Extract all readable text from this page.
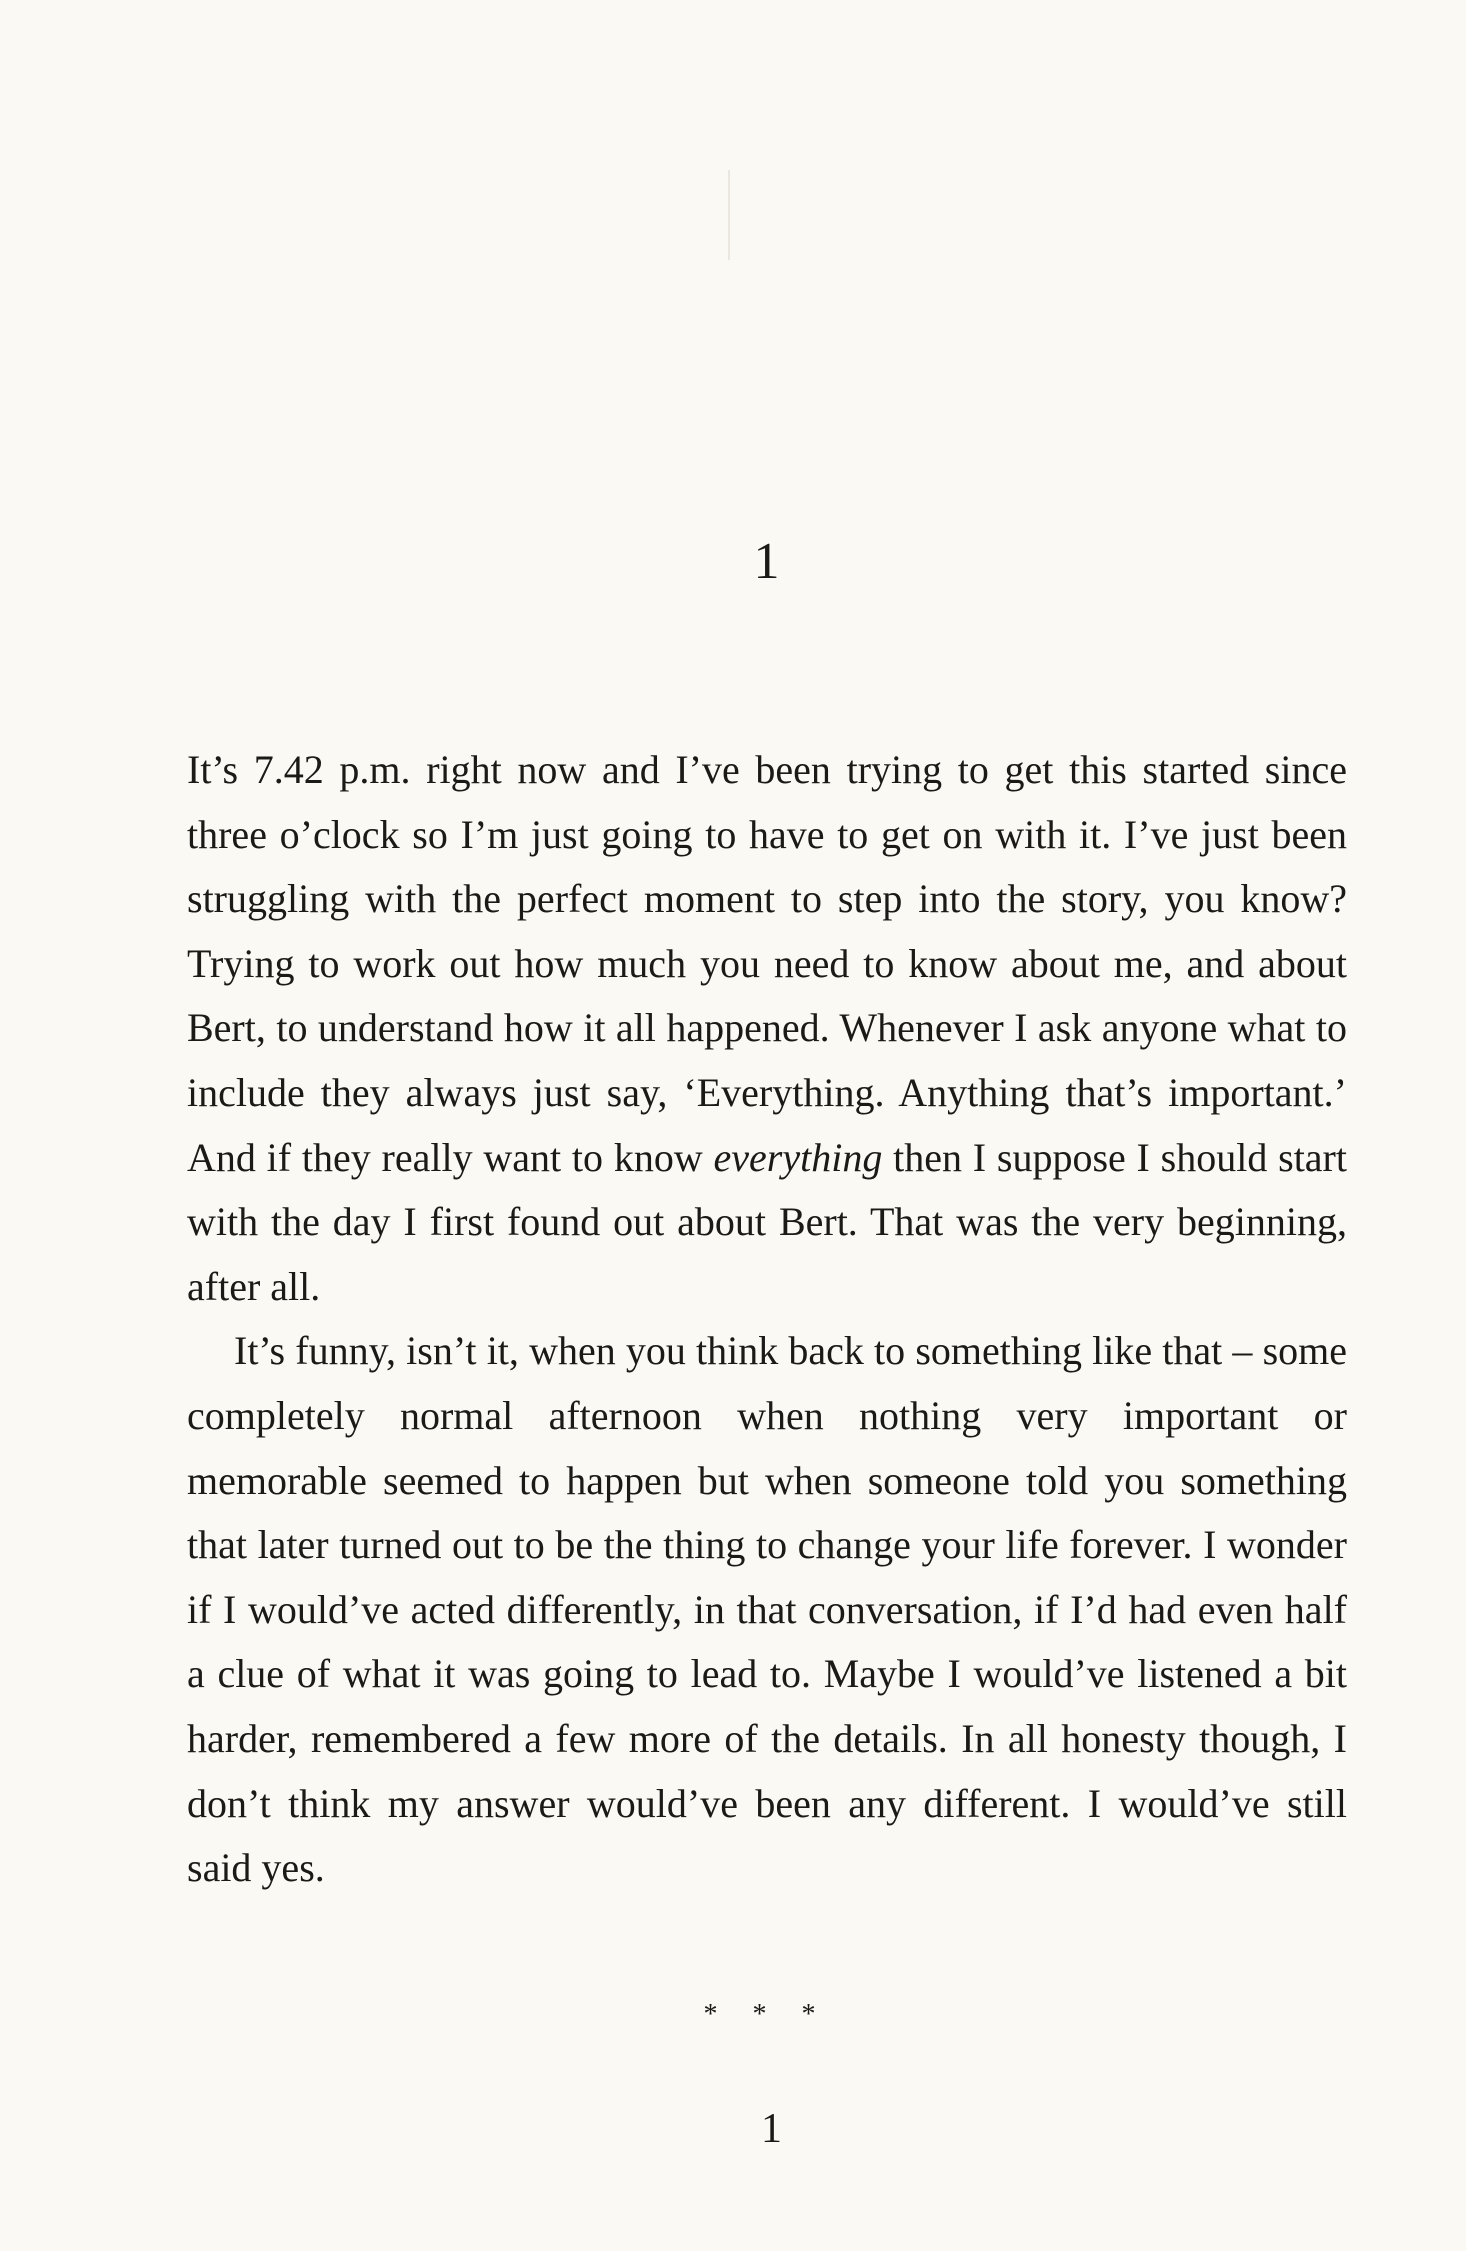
1

It’s 7.42 p.m. right now and I’ve been trying to get this started since three o’clock so I’m just going to have to get on with it. I’ve just been struggling with the perfect moment to step into the story, you know? Trying to work out how much you need to know about me, and about Bert, to understand how it all happened. Whenever I ask anyone what to include they always just say, ‘Everything. Anything that’s important.’ And if they really want to know everything then I suppose I should start with the day I first found out about Bert. That was the very beginning, after all.

It’s funny, isn’t it, when you think back to something like that – some completely normal afternoon when nothing very important or memorable seemed to happen but when someone told you something that later turned out to be the thing to change your life forever. I wonder if I would’ve acted differently, in that conversation, if I’d had even half a clue of what it was going to lead to. Maybe I would’ve listened a bit harder, remembered a few more of the details. In all honesty though, I don’t think my answer would’ve been any different. I would’ve still said yes.

* * *
1
